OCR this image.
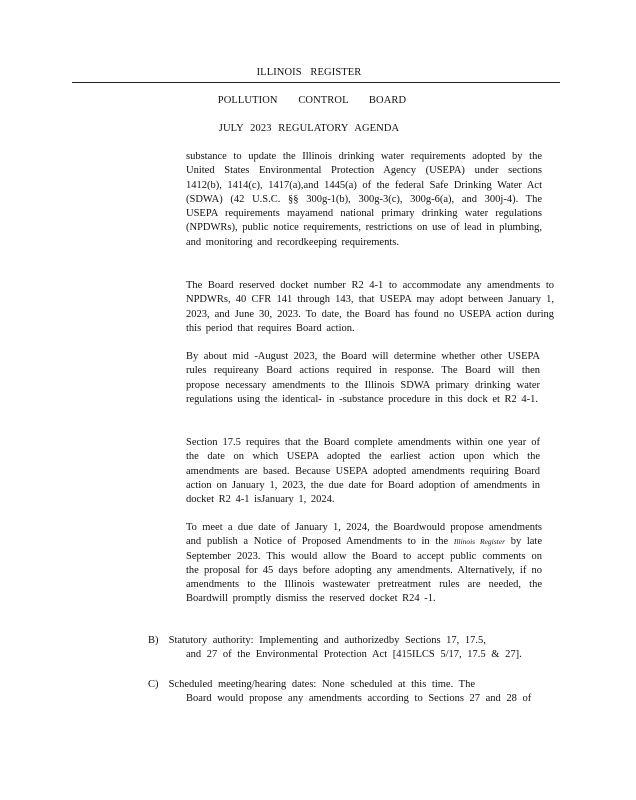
ILLINOIS REGISTER
POLLUTION CONTROL BOARD
JULY 2023 REGULATORY AGENDA
substance to update the Illinois drinking water requirements adopted by the United States Environmental Protection Agency (USEPA) under sections 1412(b), 1414(c), 1417(a),and 1445(a) of the federal Safe Drinking Water Act (SDWA) (42 U.S.C. §§ 300g-1(b), 300g-3(c), 300g-6(a), and 300j-4). The USEPA requirements mayamend national primary drinking water regulations (NPDWRs), public notice requirements, restrictions on use of lead in plumbing, and monitoring and recordkeeping requirements.
The Board reserved docket number R2 4-1 to accommodate any amendments to NPDWRs, 40 CFR 141 through 143, that USEPA may adopt between January 1, 2023, and June 30, 2023. To date, the Board has found no USEPA action during this period that requires Board action.
By about mid -August 2023, the Board will determine whether other USEPA rules requireany Board actions required in response. The Board will then propose necessary amendments to the Illinois SDWA primary drinking water regulations using the identical- in -substance procedure in this dock et R2 4-1.
Section 17.5 requires that the Board complete amendments within one year of the date on which USEPA adopted the earliest action upon which the amendments are based. Because USEPA adopted amendments requiring Board action on January 1, 2023, the due date for Board adoption of amendments in docket R2 4-1 isJanuary 1, 2024.
To meet a due date of January 1, 2024, the Boardwould propose amendments and publish a Notice of Proposed Amendments to in the Illinois Register by late September 2023. This would allow the Board to accept public comments on the proposal for 45 days before adopting any amendments. Alternatively, if no amendments to the Illinois wastewater pretreatment rules are needed, the Boardwill promptly dismiss the reserved docket R24 -1.
B) Statutory authority: Implementing and authorizedby Sections 17, 17.5,
and 27 of the Environmental Protection Act [415ILCS 5/17, 17.5 & 27].
C) Scheduled meeting/hearing dates: None scheduled at this time. The
Board would propose any amendments according to Sections 27 and 28 of
